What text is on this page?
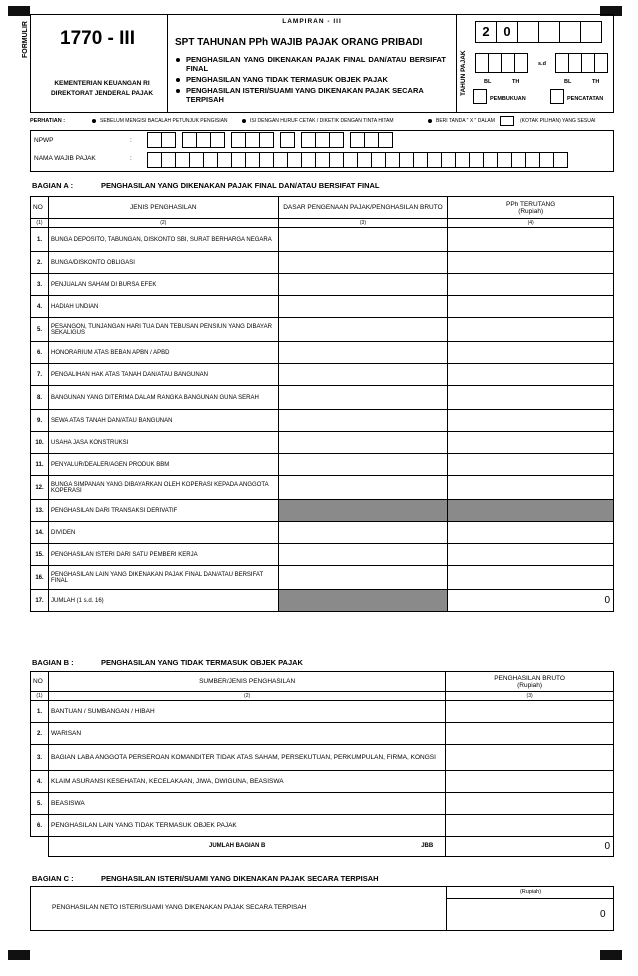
FORMULIR 1770 - III
KEMENTERIAN KEUANGAN RI
DIREKTORAT JENDERAL PAJAK
LAMPIRAN - III
SPT TAHUNAN PPh WAJIB PAJAK ORANG PRIBADI
PENGHASILAN YANG DIKENAKAN PAJAK FINAL DAN/ATAU BERSIFAT FINAL
PENGHASILAN YANG TIDAK TERMASUK OBJEK PAJAK
PENGHASILAN ISTERI/SUAMI YANG DIKENAKAN PAJAK SECARA TERPISAH
TAHUN PAJAK
2	0
s.d
BL	TH	BL	TH
PEMBUKUAN	PENCATATAN
PERHATIAN :	SEBELUM MENGISI BACALAH PETUNJUK PENGISIAN	ISI DENGAN HURUF CETAK / DIKETIK DENGAN TINTA HITAM	BERI TANDA " X " DALAM	(KOTAK PILIHAN) YANG SESUAI
NPWP	:
NAMA WAJIB PAJAK	:
BAGIAN A :	PENGHASILAN YANG DIKENAKAN PAJAK FINAL DAN/ATAU BERSIFAT FINAL
NO	JENIS PENGHASILAN	DASAR PENGENAAN PAJAK/PENGHASILAN BRUTO	PPh TERUTANG
(Rupiah)
(1)	(2)	(3)	(4)
1.	BUNGA DEPOSITO, TABUNGAN, DISKONTO SBI, SURAT BERHARGA NEGARA		
2.	BUNGA/DISKONTO OBLIGASI		
3.	PENJUALAN SAHAM DI BURSA EFEK		
4.	HADIAH UNDIAN		
5.	PESANGON, TUNJANGAN HARI TUA DAN TEBUSAN PENSIUN YANG DIBAYAR SEKALIGUS		
6.	HONORARIUM ATAS BEBAN APBN / APBD		
7.	PENGALIHAN HAK ATAS TANAH DAN/ATAU BANGUNAN		
8.	BANGUNAN YANG DITERIMA DALAM RANGKA BANGUNAN GUNA SERAH		
9.	SEWA ATAS TANAH DAN/ATAU BANGUNAN		
10.	USAHA JASA KONSTRUKSI		
11.	PENYALUR/DEALER/AGEN PRODUK BBM		
12.	BUNGA SIMPANAN YANG DIBAYARKAN OLEH KOPERASI KEPADA ANGGOTA KOPERASI		
13.	PENGHASILAN DARI TRANSAKSI DERIVATIF		
14.	DIVIDEN		
15.	PENGHASILAN ISTERI DARI SATU PEMBERI KERJA		
16.	PENGHASILAN LAIN YANG DIKENAKAN PAJAK FINAL DAN/ATAU BERSIFAT FINAL		
17.	JUMLAH (1 s.d. 16)		0
BAGIAN B :	PENGHASILAN YANG TIDAK TERMASUK OBJEK PAJAK
NO	SUMBER/JENIS PENGHASILAN	PENGHASILAN BRUTO
(Rupiah)
(1)	(2)	(3)
1.	BANTUAN / SUMBANGAN / HIBAH	
2.	WARISAN	
3.	BAGIAN LABA ANGGOTA PERSEROAN KOMANDITER TIDAK ATAS SAHAM, PERSEKUTUAN, PERKUMPULAN, FIRMA, KONGSI	
4.	KLAIM ASURANSI KESEHATAN, KECELAKAAN, JIWA, DWIGUNA, BEASISWA	
5.	BEASISWA	
6.	PENGHASILAN LAIN YANG TIDAK TERMASUK OBJEK PAJAK	

	JUMLAH BAGIAN B JBB	0
BAGIAN C :	PENGHASILAN ISTERI/SUAMI YANG DIKENAKAN PAJAK SECARA TERPISAH
(Rupiah)
PENGHASILAN NETO ISTERI/SUAMI YANG DIKENAKAN PAJAK SECARA TERPISAH
0
